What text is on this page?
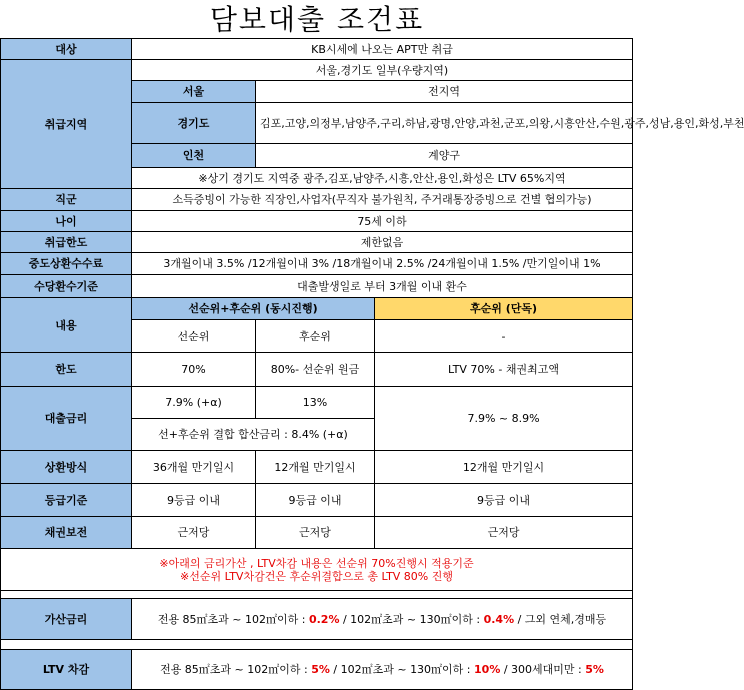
담보대출 조건표
대상	KB시세에 나오는 APT만 취급		
취급지역	서울,경기도 일부(우량지역)		
	서울	전지역	
	경기도	김포,고양,의정부,남양주,구리,하남,광명,안양,과천,군포,의왕,시흥안산,수원,광주,성남,용인,화성,부천	
	인천	계양구	
	※상기 경기도 지역중 광주,김포,남양주,시흥,안산,용인,화성은 LTV 65%지역		
직군	소득증빙이 가능한 직장인,사업자(무직자 불가원칙, 주거래통장증빙으로 건별 협의가능)		
나이	75세 이하		
취급한도	제한없음		
중도상환수수료	3개월이내 3.5% /12개월이내 3% /18개월이내 2.5% /24개월이내 1.5% /만기일이내 1%		
수당환수기준	대출발생일로 부터 3개월 이내 환수		
내용	선순위+후순위 (동시진행)		후순위 (단독)
	선순위	후순위	-
한도	70%	80%- 선순위 원금	LTV 70% - 채권최고액
대출금리	7.9% (+α)	13%	7.9% ~ 8.9%
	선+후순위 결합 합산금리 : 8.4% (+α)		
상환방식	36개월 만기일시	12개월 만기일시	12개월 만기일시
등급기준	9등급 이내	9등급 이내	9등급 이내
채권보전	근저당	근저당	근저당

※아래의 금리가산 , LTV차감 내용은 선순위 70%진행시 적용기준
※선순위 LTV차감건은 후순위결합으로 총 LTV 80% 진행			

가산금리	전용 85㎡초과 ~ 102㎡이하 : 0.2% / 102㎡초과 ~ 130㎡이하 : 0.4% / 그외 연체,경매등		

LTV 차감	전용 85㎡초과 ~ 102㎡이하 : 5% / 102㎡초과 ~ 130㎡이하 : 10% / 300세대미만 : 5%		
